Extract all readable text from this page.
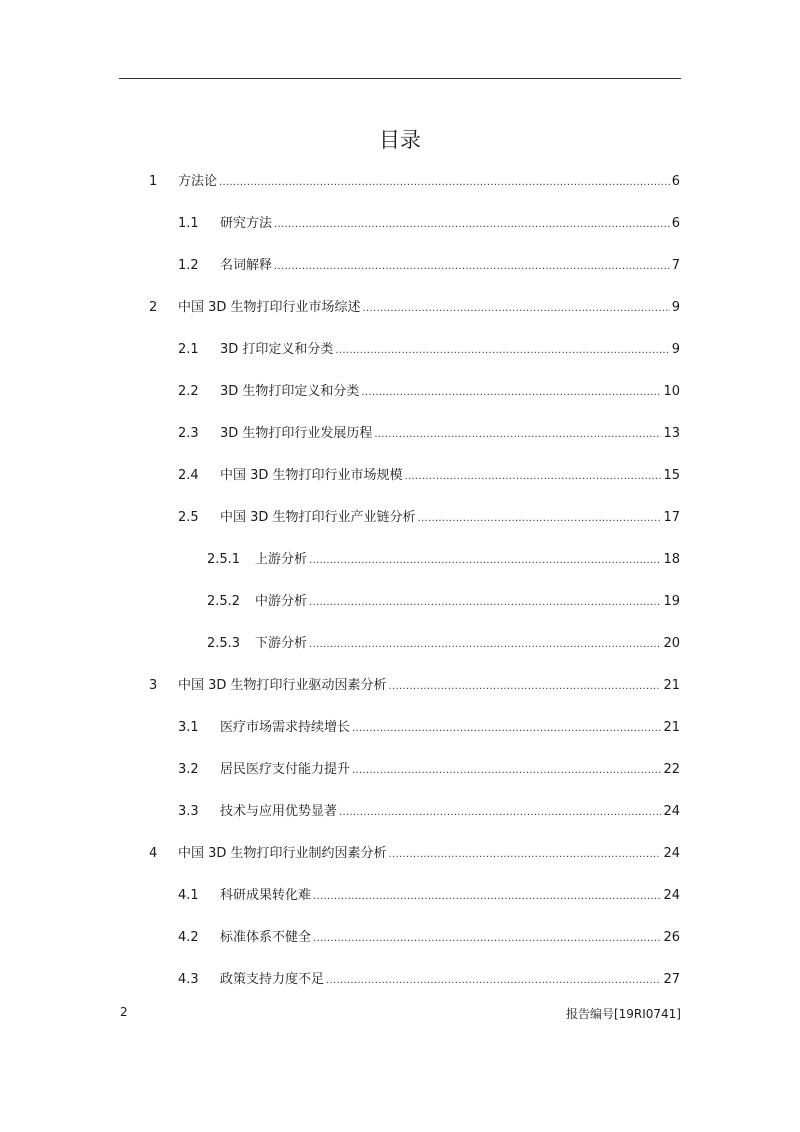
目录
1	方法论 .....	6
1.1	研究方法 .....	6
1.2	名词解释 .....	7
2	中国 3D 生物打印行业市场综述 .....	9
2.1	3D 打印定义和分类 .....	9
2.2	3D 生物打印定义和分类 .....	10
2.3	3D 生物打印行业发展历程 .....	13
2.4	中国 3D 生物打印行业市场规模 .....	15
2.5	中国 3D 生物打印行业产业链分析 .....	17
2.5.1	上游分析 .....	18
2.5.2	中游分析 .....	19
2.5.3	下游分析 .....	20
3	中国 3D 生物打印行业驱动因素分析 .....	21
3.1	医疗市场需求持续增长 .....	21
3.2	居民医疗支付能力提升 .....	22
3.3	技术与应用优势显著 .....	24
4	中国 3D 生物打印行业制约因素分析 .....	24
4.1	科研成果转化难 .....	24
4.2	标准体系不健全 .....	26
4.3	政策支持力度不足 .....	27
2	报告编号[19RI0741]
